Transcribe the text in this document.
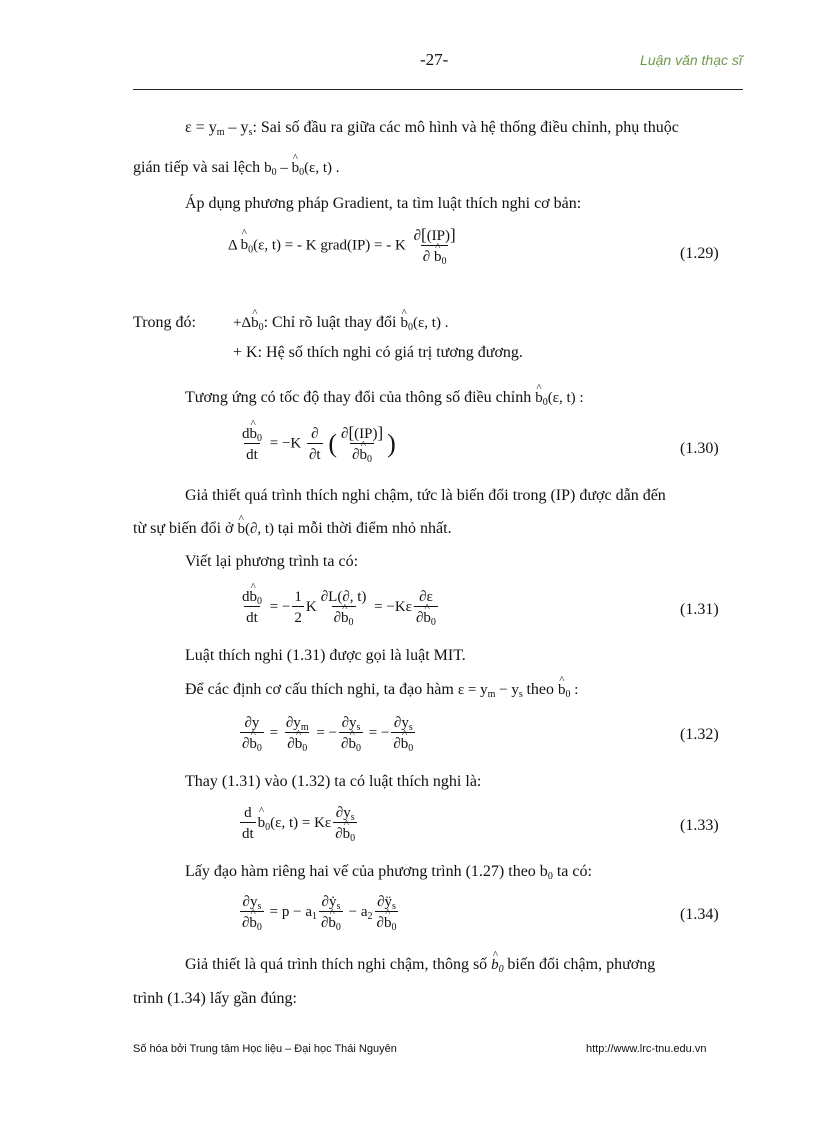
-27-	Luận văn thạc sĩ
$\varepsilon = y_m - y_s$: Sai số đầu ra giữa các mô hình và hệ thống điều chỉnh, phụ thuộc
gián tiếp và sai lệch $b_0$ – ^ $b_0(\varepsilon$, t) .
Áp dụng phương pháp Gradient, ta tìm luật thích nghi cơ bản:
Δ ^ $b_0(\varepsilon$, t) = - K grad(IP) = - K $\frac{\partial[(IP)]}{\partial \^{} b_0}$	(1.29)
Trong đó: +Δ^ $b_0$: Chỉ rõ luật thay đổi ^ $b_0(\varepsilon$, t) .
+ K: Hệ số thích nghi có giá trị tương đương.
Tương ứng có tốc độ thay đổi của thông số điều chỉnh ^ $b_0(\varepsilon$, t) :
$\frac{d\^{} b_0}{dt} = -K \frac{\partial}{\partial t}$ ( $\frac{\partial[(IP)]}{\partial\^{} b_0}$ )	(1.30)
Giả thiết quá trình thích nghi chậm, tức là biến đổi trong (IP) được dẫn đến
từ sự biến đổi ở ^ b(∂, t) tại mỗi thời điểm nhỏ nhất.
Viết lại phương trình ta có:
$\frac{d\^{} b_0}{dt}$ = − $\frac{1}{2}$ K $\frac{\partial L(\partial, t)}{\partial\^{} b_0} = -K\varepsilon \frac{\partial\varepsilon}{\partial\^{} b_0}$	(1.31)
Luật thích nghi (1.31) được gọi là luật MIT.
Để các định cơ cấu thích nghi, ta đạo hàm $\varepsilon = y_m - y_s$ theo ^ $b_0$ :
$\frac{\partial y}{\partial\^{} b_0} = \frac{\partial y_m}{\partial\^{} b_0}$ = − $\frac{\partial y_s}{\partial\^{} b_0}$ = − $\frac{\partial y_s}{\partial\^{} b_0}$	(1.32)
Thay (1.31) vào (1.32) ta có luật thích nghi là:
$\frac{d}{dt}$ ^ $b_0(\varepsilon$, t) = Kε $\frac{\partial y_s}{\partial\^{} b_0}$	(1.33)
Lấy đạo hàm riêng hai vế của phương trình (1.27) theo $b_0$ ta có:
$\frac{\partial y_s}{\partial\^{} b_0} = p - a_1 \frac{\partial ẏ_s}{\partial\^{} b_0} - a_2 \frac{\partial ÿ_s}{\partial\^{} b_0}$	(1.34)
Giả thiết là quá trình thích nghi chậm, thông số ^ $b_0$ biến đổi chậm, phương
trình (1.34) lấy gần đúng:
Số hóa bởi Trung tâm Học liệu – Đại học Thái Nguyên	http://www.lrc-tnu.edu.vn
